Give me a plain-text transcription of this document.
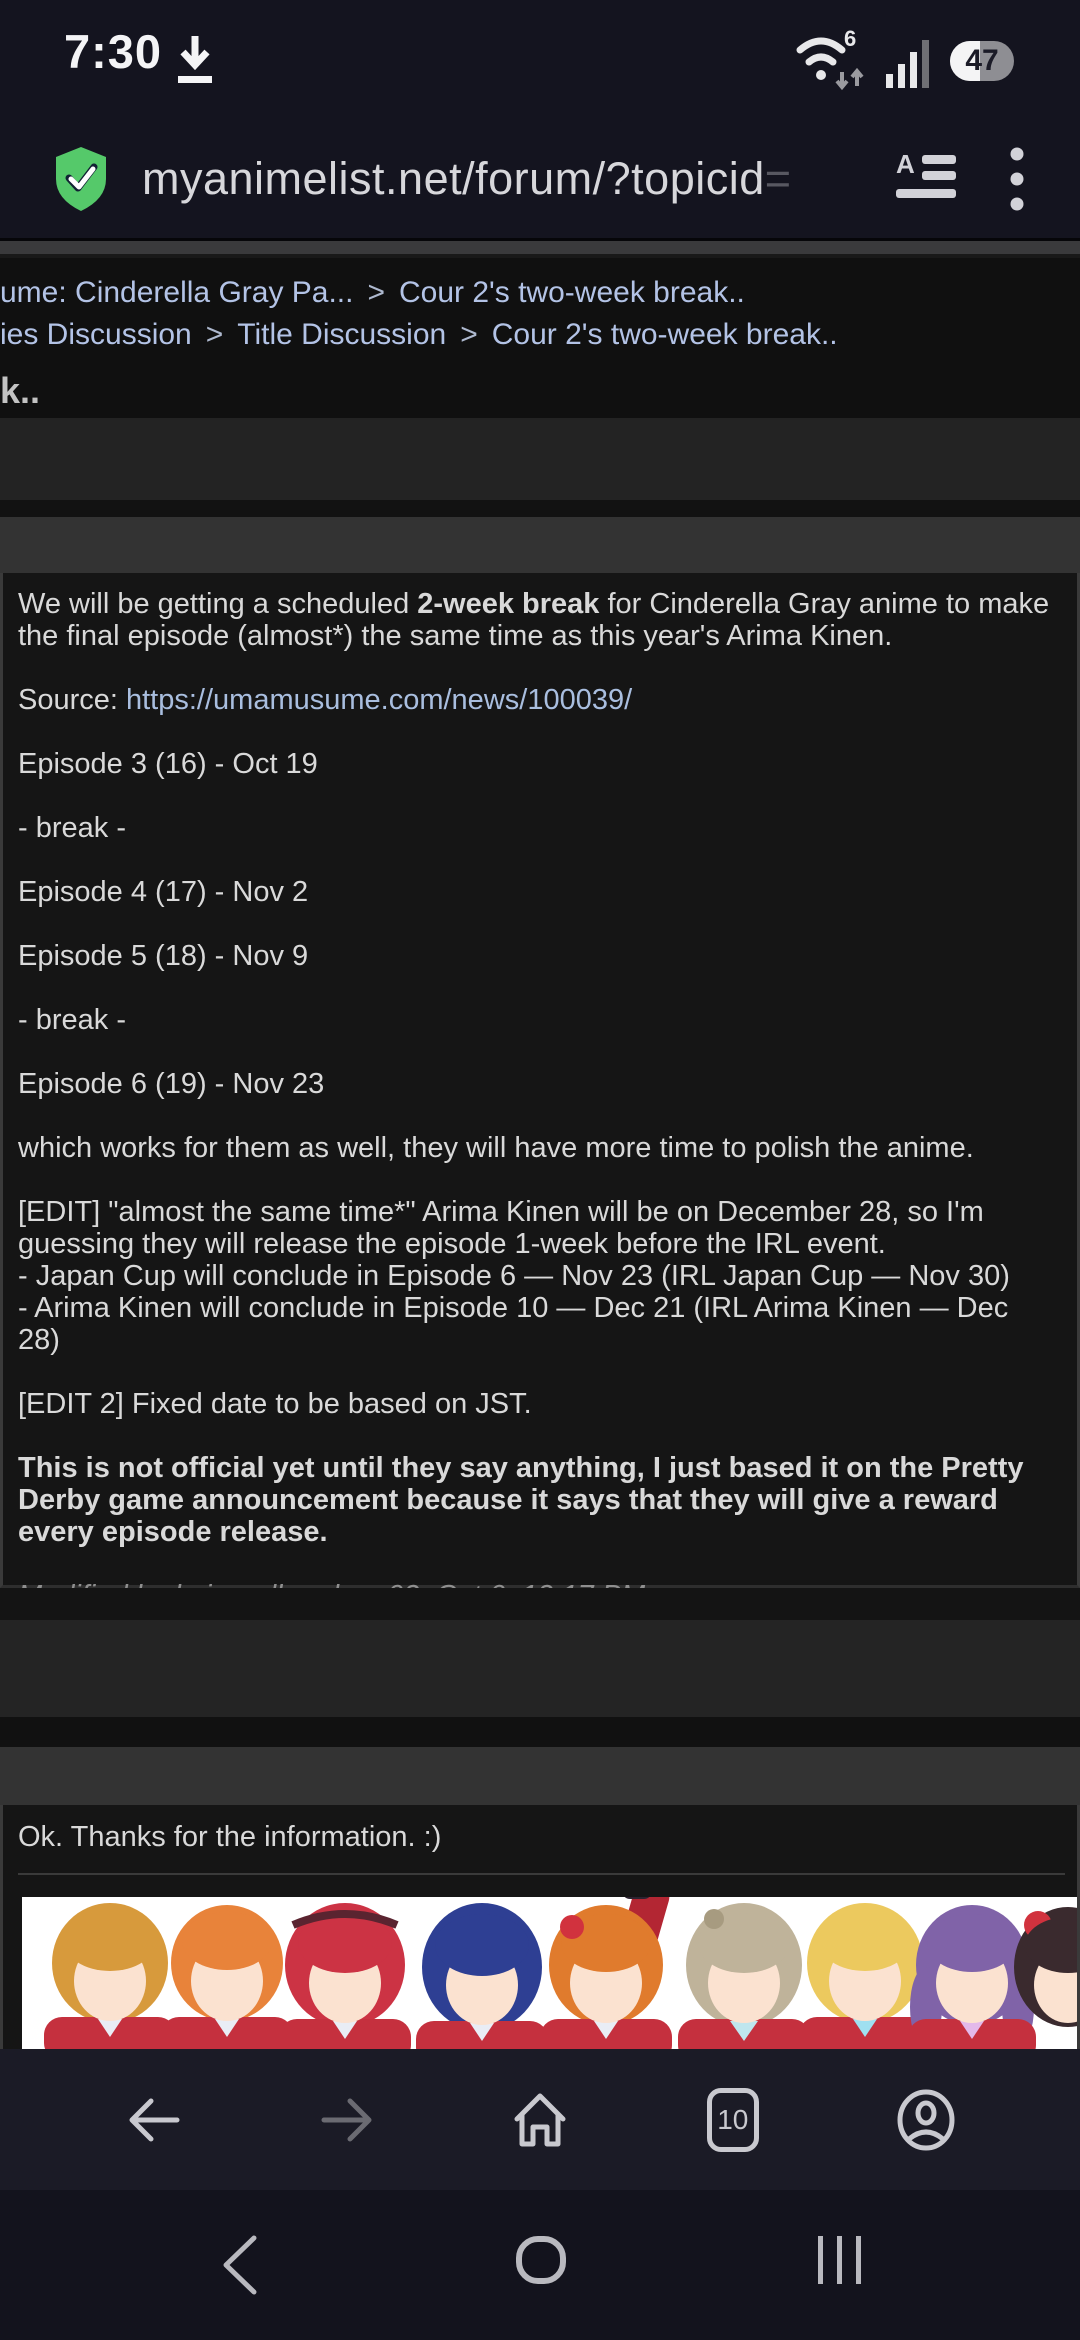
7:30	6
47
myanimelist.net/forum/?topicid=	A
ume: Cinderella Gray Pa... > Cour 2's two-week break..
ies Discussion > Title Discussion > Cour 2's two-week break..
k..

We will be getting a scheduled 2-week break for Cinderella Gray anime to make the final episode (almost*) the same time as this year's Arima Kinen.

Source: https://umamusume.com/news/100039/

Episode 3 (16) - Oct 19

- break -

Episode 4 (17) - Nov 2

Episode 5 (18) - Nov 9

- break -

Episode 6 (19) - Nov 23

which works for them as well, they will have more time to polish the anime.

[EDIT] "almost the same time*" Arima Kinen will be on December 28, so I'm guessing they will release the episode 1-week before the IRL event.
- Japan Cup will conclude in Episode 6 — Nov 23 (IRL Japan Cup — Nov 30)
- Arima Kinen will conclude in Episode 10 — Dec 21 (IRL Arima Kinen — Dec 28)

[EDIT 2] Fixed date to be based on JST.

This is not official yet until they say anything, I just based it on the Pretty Derby game announcement because it says that they will give a reward every episode release.

Ok. Thanks for the information. :)

10
